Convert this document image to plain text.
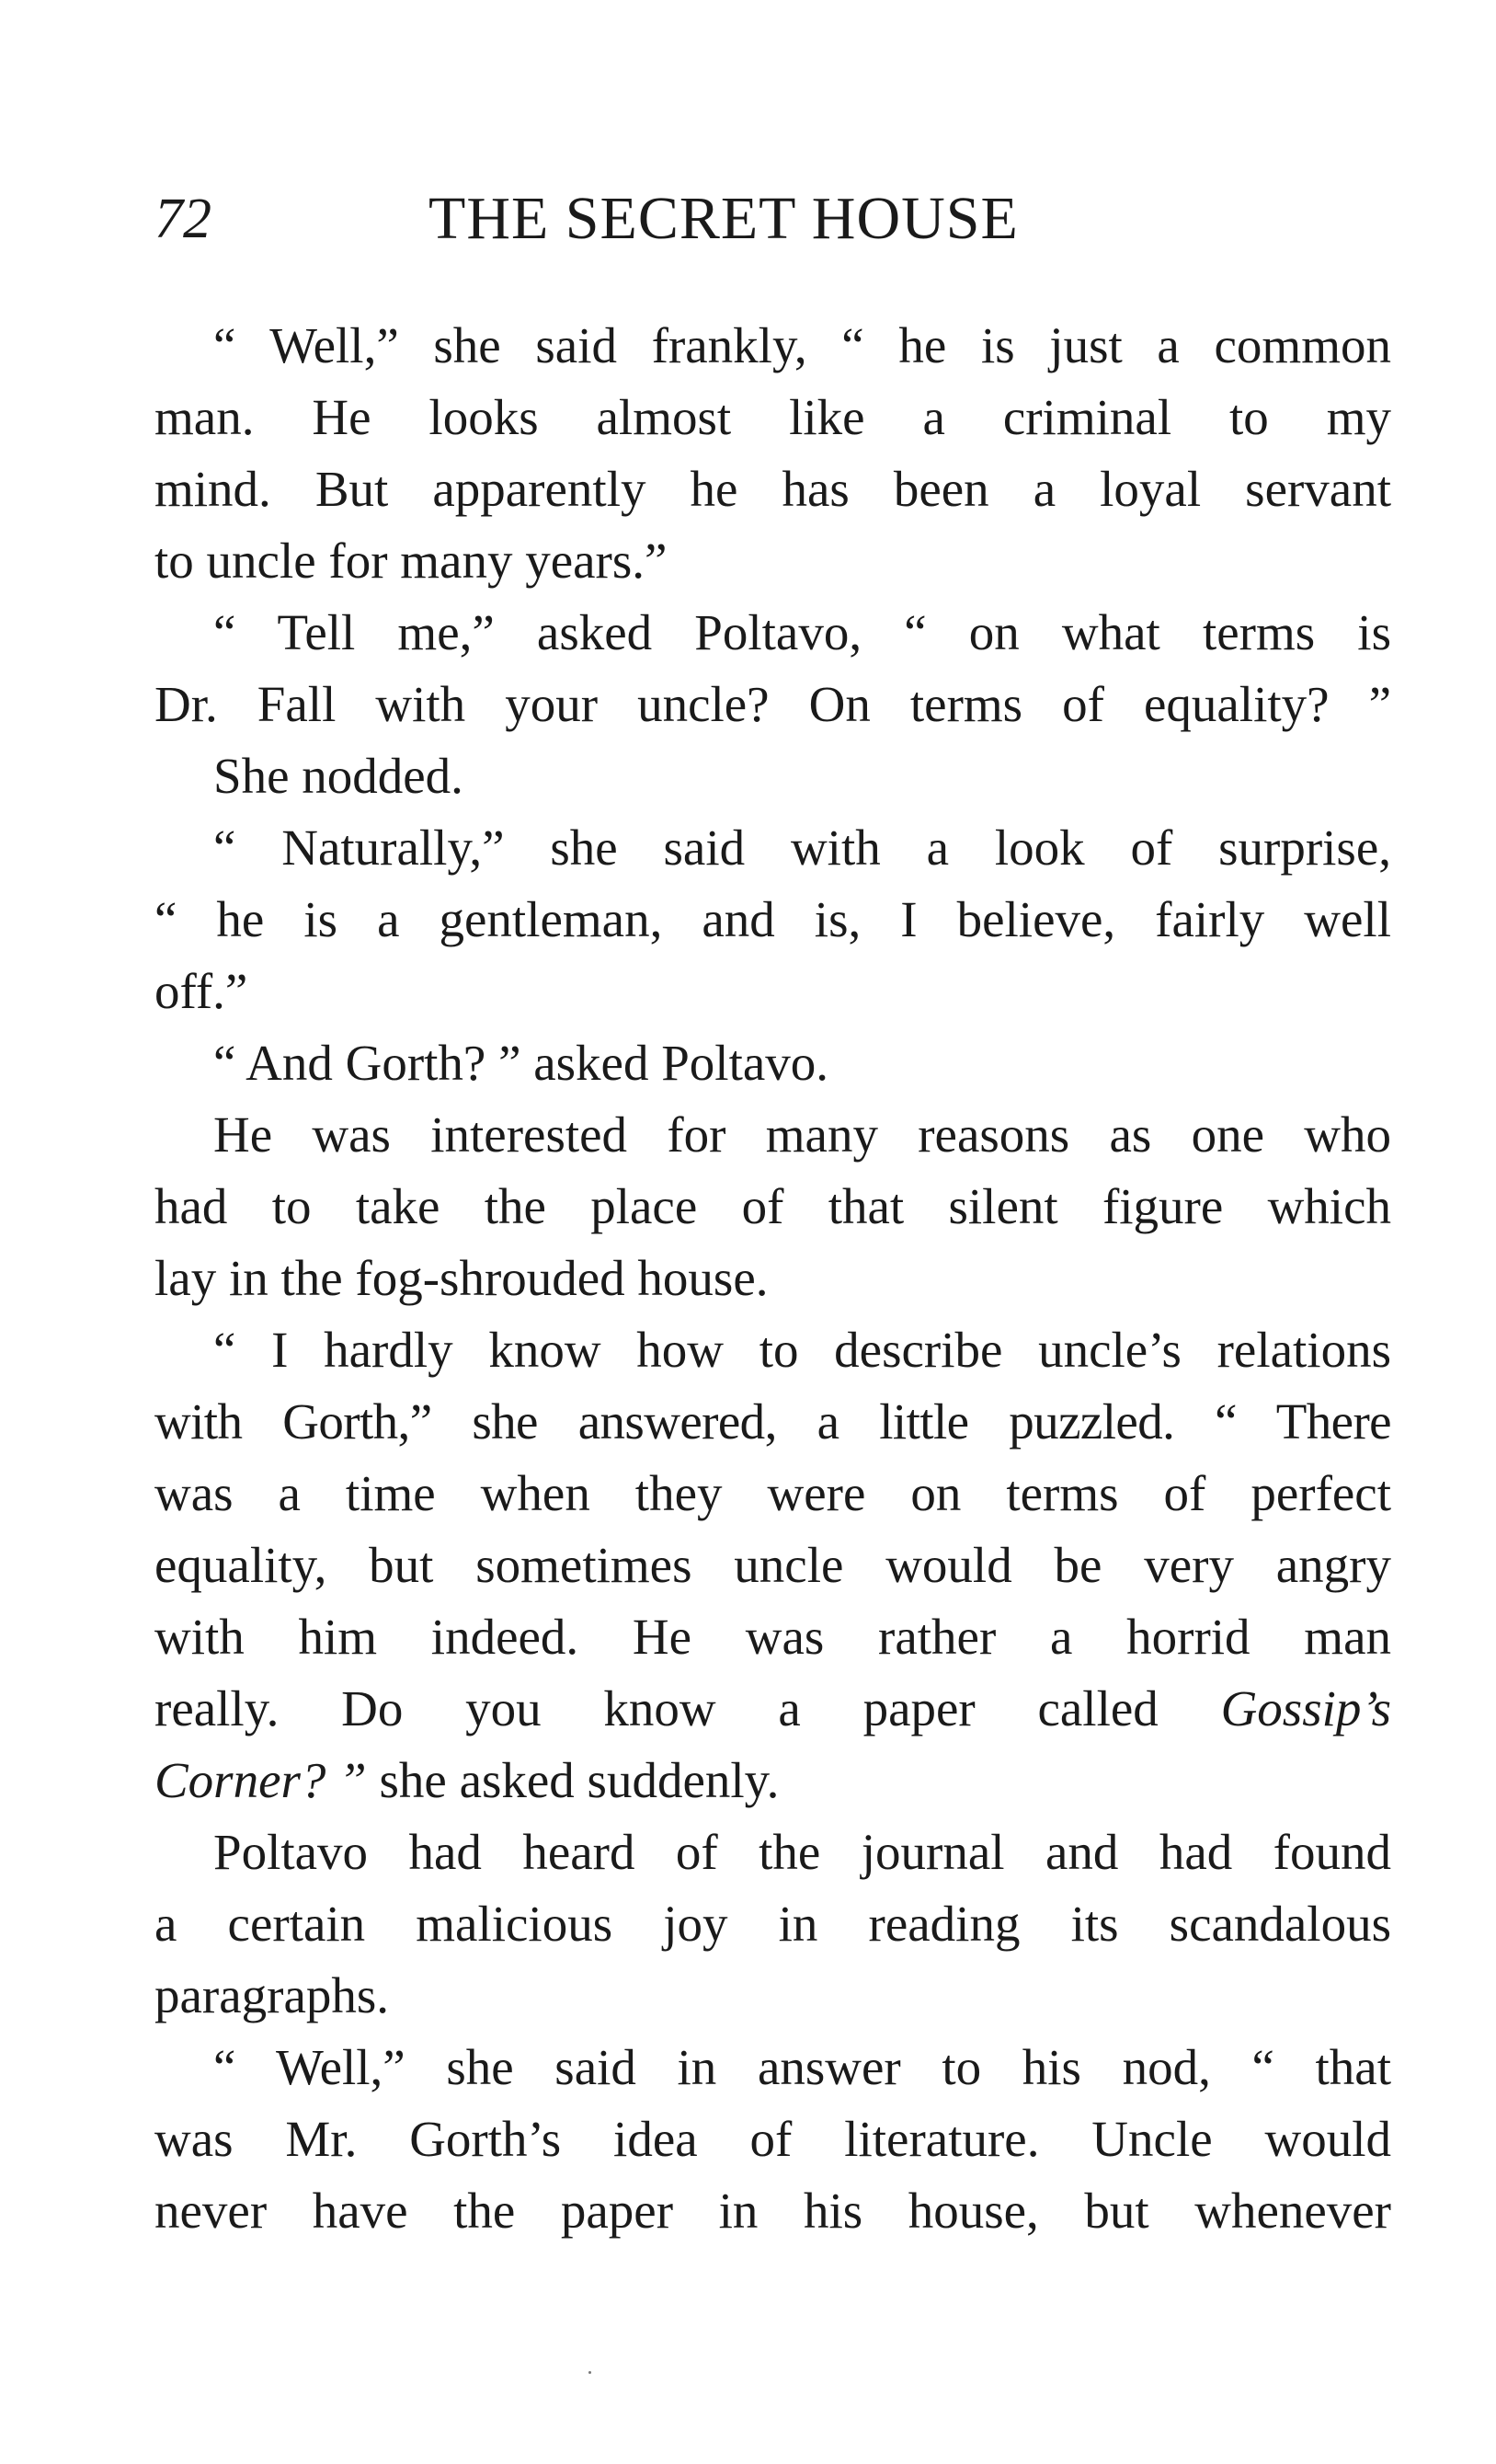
72	THE SECRET HOUSE
“ Well,” she said frankly, “ he is just a common
man. He looks almost like a criminal to my
mind. But apparently he has been a loyal servant
to uncle for many years.”
“ Tell me,” asked Poltavo, “ on what terms is
Dr. Fall with your uncle? On terms of equality? ”
She nodded.
“ Naturally,” she said with a look of surprise,
“ he is a gentleman, and is, I believe, fairly well
off.”
“ And Gorth? ” asked Poltavo.
He was interested for many reasons as one who
had to take the place of that silent figure which
lay in the fog-shrouded house.
“ I hardly know how to describe uncle’s relations
with Gorth,” she answered, a little puzzled. “ There
was a time when they were on terms of perfect
equality, but sometimes uncle would be very angry
with him indeed. He was rather a horrid man
really. Do you know a paper called Gossip’s
Corner? ” she asked suddenly.
Poltavo had heard of the journal and had found
a certain malicious joy in reading its scandalous
paragraphs.
“ Well,” she said in answer to his nod, “ that
was Mr. Gorth’s idea of literature. Uncle would
never have the paper in his house, but whenever
